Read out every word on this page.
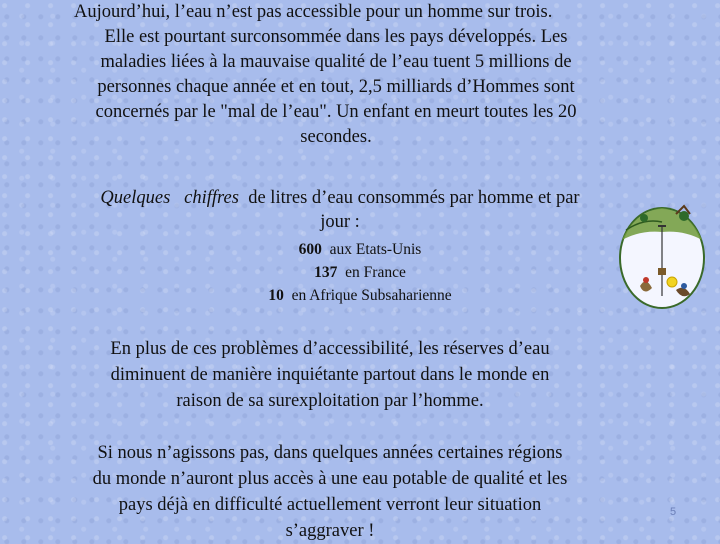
Aujourd’hui, l’eau n’est pas accessible pour un homme sur trois.
Elle est pourtant surconsommée dans les pays développés. Les
maladies liées à la mauvaise qualité de l’eau tuent 5 millions de
personnes chaque année et en tout, 2,5 milliards d’Hommes sont
concernés par le "mal de l’eau". Un enfant en meurt toutes les 20
secondes.
Quelques chiffres de litres d’eau consommés par homme et par
jour :
600 aux Etats-Unis
137 en France
10 en Afrique Subsaharienne
En plus de ces problèmes d’accessibilité, les réserves d’eau
diminuent de manière inquiétante partout dans le monde en
raison de sa surexploitation par l’homme.
Si nous n’agissons pas, dans quelques années certaines régions
du monde n’auront plus accès à une eau potable de qualité et les
pays déjà en difficulté actuellement verront leur situation
s’aggraver !
5
